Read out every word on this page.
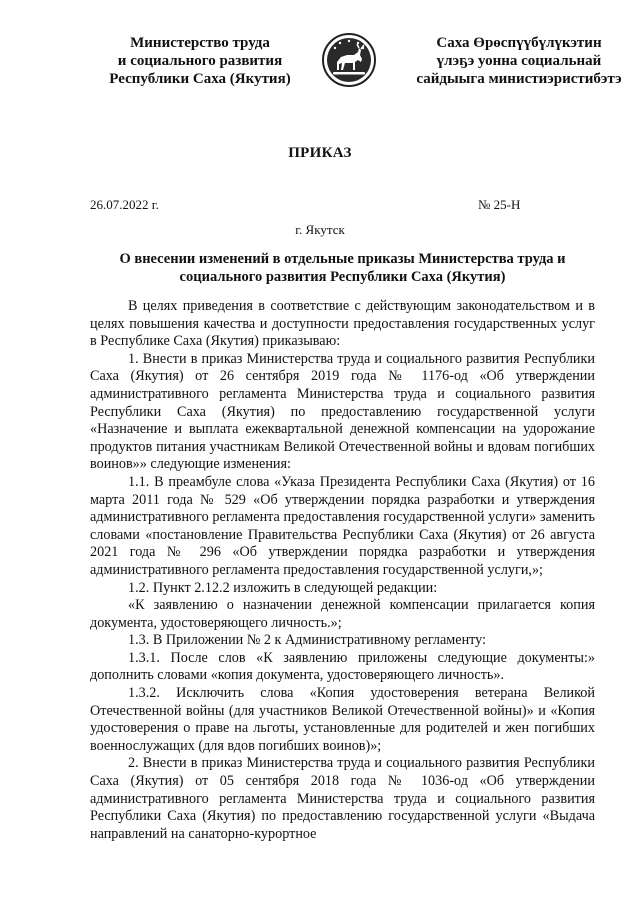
Министерство труда
и социального развития
Республики Саха (Якутия)
Саха Өрөспүүбүлүкэтин
үлэҕэ уонна социальнай
сайдыыга министиэристибэтэ
ПРИКАЗ
26.07.2022 г.	№ 25-Н
г. Якутск
О внесении изменений в отдельные приказы Министерства труда и социального развития Республики Саха (Якутия)

В целях приведения в соответствие с действующим законодательством и в целях повышения качества и доступности предоставления государственных услуг в Республике Саха (Якутия) приказываю:

1. Внести в приказ Министерства труда и социального развития Республики Саха (Якутия) от 26 сентября 2019 года № 1176-од «Об утверждении административного регламента Министерства труда и социального развития Республики Саха (Якутия) по предоставлению государственной услуги «Назначение и выплата ежеквартальной денежной компенсации на удорожание продуктов питания участникам Великой Отечественной войны и вдовам погибших воинов»» следующие изменения:

1.1. В преамбуле слова «Указа Президента Республики Саха (Якутия) от 16 марта 2011 года № 529 «Об утверждении порядка разработки и утверждения административного регламента предоставления государственной услуги» заменить словами «постановление Правительства Республики Саха (Якутия) от 26 августа 2021 года № 296 «Об утверждении порядка разработки и утверждения административного регламента предоставления государственной услуги,»;

1.2. Пункт 2.12.2 изложить в следующей редакции:

«К заявлению о назначении денежной компенсации прилагается копия документа, удостоверяющего личность.»;

1.3. В Приложении № 2 к Административному регламенту:

1.3.1. После слов «К заявлению приложены следующие документы:» дополнить словами «копия документа, удостоверяющего личность».

1.3.2. Исключить слова «Копия удостоверения ветерана Великой Отечественной войны (для участников Великой Отечественной войны)» и «Копия удостоверения о праве на льготы, установленные для родителей и жен погибших военнослужащих (для вдов погибших воинов)»;

2. Внести в приказ Министерства труда и социального развития Республики Саха (Якутия) от 05 сентября 2018 года № 1036-од «Об утверждении административного регламента Министерства труда и социального развития Республики Саха (Якутия) по предоставлению государственной услуги «Выдача направлений на санаторно-курортное
